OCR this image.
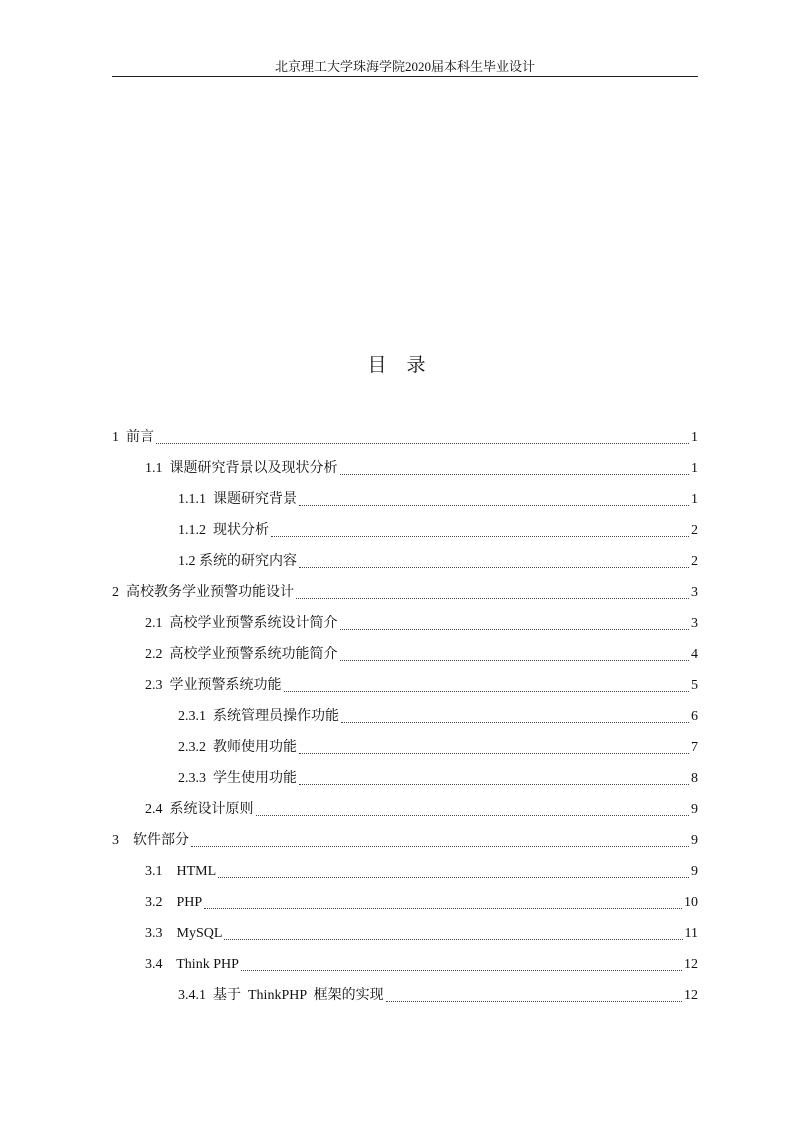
北京理工大学珠海学院2020届本科生毕业设计
目录
1  前言	1
1.1  课题研究背景以及现状分析	1
1.1.1  课题研究背景	1
1.1.2  现状分析	2
1.2 系统的研究内容	2
2  高校教务学业预警功能设计	3
2.1  高校学业预警系统设计简介	3
2.2  高校学业预警系统功能简介	4
2.3  学业预警系统功能	5
2.3.1  系统管理员操作功能	6
2.3.2  教师使用功能	7
2.3.3  学生使用功能	8
2.4  系统设计原则	9
3    软件部分	9
3.1    HTML	9
3.2    PHP	10
3.3    MySQL	11
3.4    Think PHP	12
3.4.1  基于  ThinkPHP  框架的实现	12
